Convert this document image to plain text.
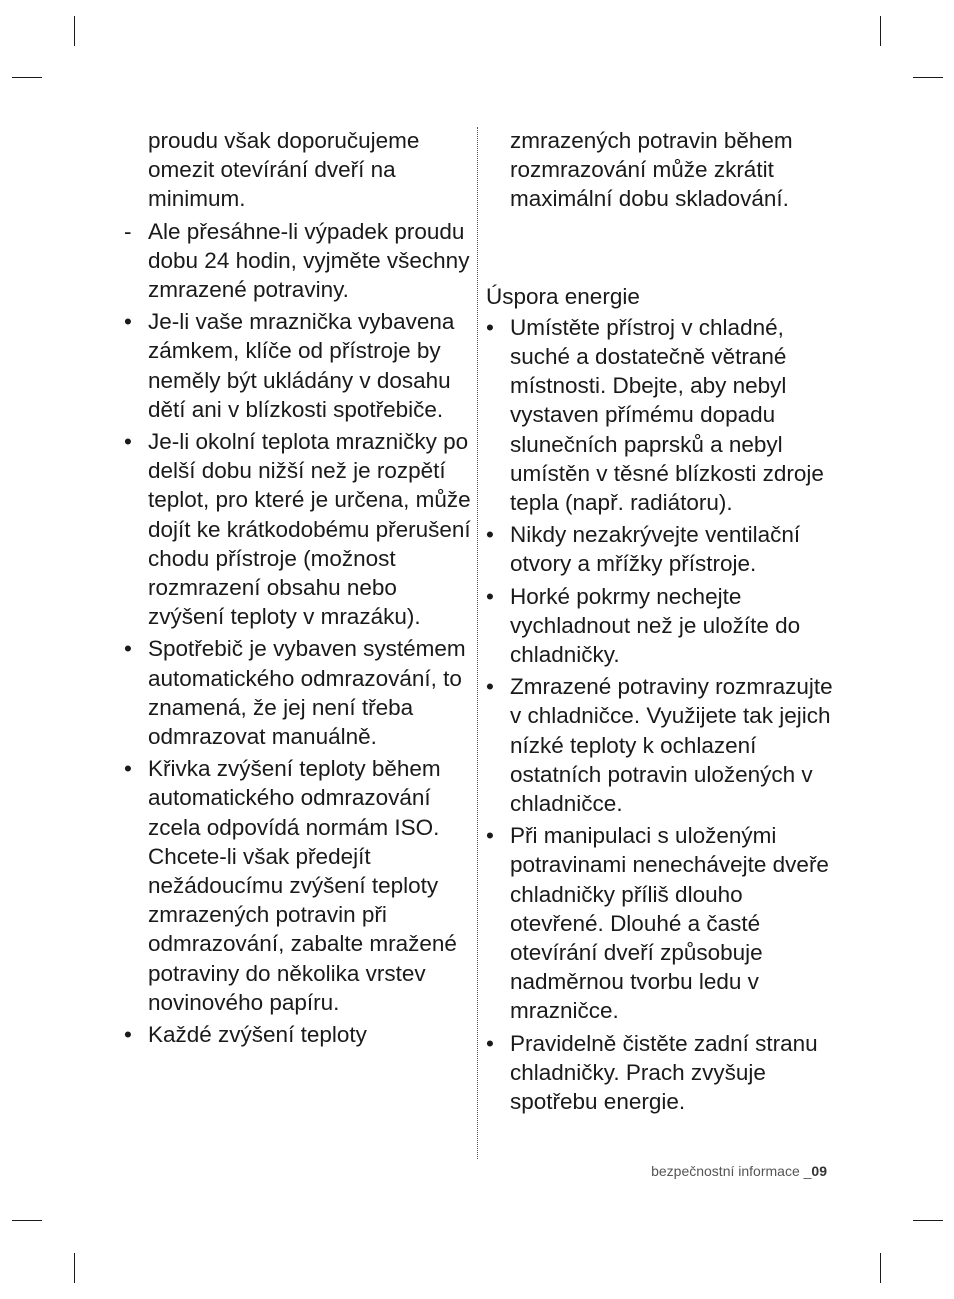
proudu však doporučujeme omezit otevírání dveří na minimum.
- Ale přesáhne-li výpadek proudu dobu 24 hodin, vyjměte všechny zmrazené potraviny.
• Je-li vaše mraznička vybavena zámkem, klíče od přístroje by neměly být ukládány v dosahu dětí ani v blízkosti spotřebiče.
• Je-li okolní teplota mrazničky po delší dobu nižší než je rozpětí teplot, pro které je určena, může dojít ke krátkodobému přerušení chodu přístroje (možnost rozmrazení obsahu nebo zvýšení teploty v mrazáku).
• Spotřebič je vybaven systémem automatického odmrazování, to znamená, že jej není třeba odmrazovat manuálně.
• Křivka zvýšení teploty během automatického odmrazování zcela odpovídá normám ISO. Chcete-li však předejít nežádoucímu zvýšení teploty zmrazených potravin při odmrazování, zabalte mražené potraviny do několika vrstev novinového papíru.
• Každé zvýšení teploty
zmrazených potravin během rozmrazování může zkrátit maximální dobu skladování.
Úspora energie
• Umístěte přístroj v chladné, suché a dostatečně větrané místnosti. Dbejte, aby nebyl vystaven přímému dopadu slunečních paprsků a nebyl umístěn v těsné blízkosti zdroje tepla (např. radiátoru).
• Nikdy nezakrývejte ventilační otvory a mřížky přístroje.
• Horké pokrmy nechejte vychladnout než je uložíte do chladničky.
• Zmrazené potraviny rozmrazujte v chladničce. Využijete tak jejich nízké teploty k ochlazení ostatních potravin uložených v chladničce.
• Při manipulaci s uloženými potravinami nenechávejte dveře chladničky příliš dlouho otevřené. Dlouhé a časté otevírání dveří způsobuje nadměrnou tvorbu ledu v mrazničce.
• Pravidelně čistěte zadní stranu chladničky. Prach zvyšuje spotřebu energie.
bezpečnostní informace _09
